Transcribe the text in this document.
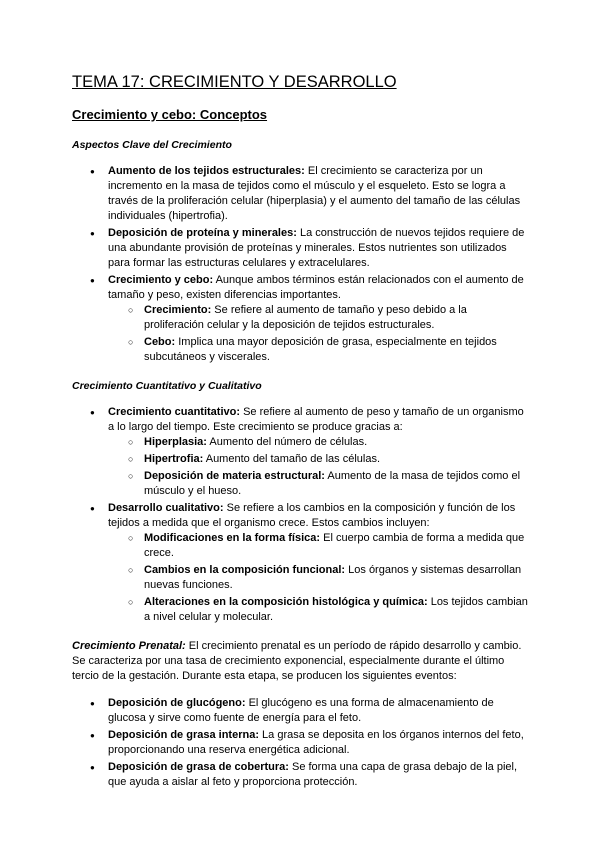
TEMA 17: CRECIMIENTO Y DESARROLLO
Crecimiento y cebo: Conceptos
Aspectos Clave del Crecimiento
● Aumento de los tejidos estructurales: El crecimiento se caracteriza por un incremento en la masa de tejidos como el músculo y el esqueleto. Esto se logra a través de la proliferación celular (hiperplasia) y el aumento del tamaño de las células individuales (hipertrofia).
● Deposición de proteína y minerales: La construcción de nuevos tejidos requiere de una abundante provisión de proteínas y minerales. Estos nutrientes son utilizados para formar las estructuras celulares y extracelulares.
● Crecimiento y cebo: Aunque ambos términos están relacionados con el aumento de tamaño y peso, existen diferencias importantes.
○ Crecimiento: Se refiere al aumento de tamaño y peso debido a la proliferación celular y la deposición de tejidos estructurales.
○ Cebo: Implica una mayor deposición de grasa, especialmente en tejidos subcutáneos y viscerales.
Crecimiento Cuantitativo y Cualitativo
● Crecimiento cuantitativo: Se refiere al aumento de peso y tamaño de un organismo a lo largo del tiempo. Este crecimiento se produce gracias a:
○ Hiperplasia: Aumento del número de células.
○ Hipertrofia: Aumento del tamaño de las células.
○ Deposición de materia estructural: Aumento de la masa de tejidos como el músculo y el hueso.
● Desarrollo cualitativo: Se refiere a los cambios en la composición y función de los tejidos a medida que el organismo crece. Estos cambios incluyen:
○ Modificaciones en la forma física: El cuerpo cambia de forma a medida que crece.
○ Cambios en la composición funcional: Los órganos y sistemas desarrollan nuevas funciones.
○ Alteraciones en la composición histológica y química: Los tejidos cambian a nivel celular y molecular.

Crecimiento Prenatal: El crecimiento prenatal es un período de rápido desarrollo y cambio. Se caracteriza por una tasa de crecimiento exponencial, especialmente durante el último tercio de la gestación. Durante esta etapa, se producen los siguientes eventos:

● Deposición de glucógeno: El glucógeno es una forma de almacenamiento de glucosa y sirve como fuente de energía para el feto.
● Deposición de grasa interna: La grasa se deposita en los órganos internos del feto, proporcionando una reserva energética adicional.
● Deposición de grasa de cobertura: Se forma una capa de grasa debajo de la piel, que ayuda a aislar al feto y proporciona protección.
